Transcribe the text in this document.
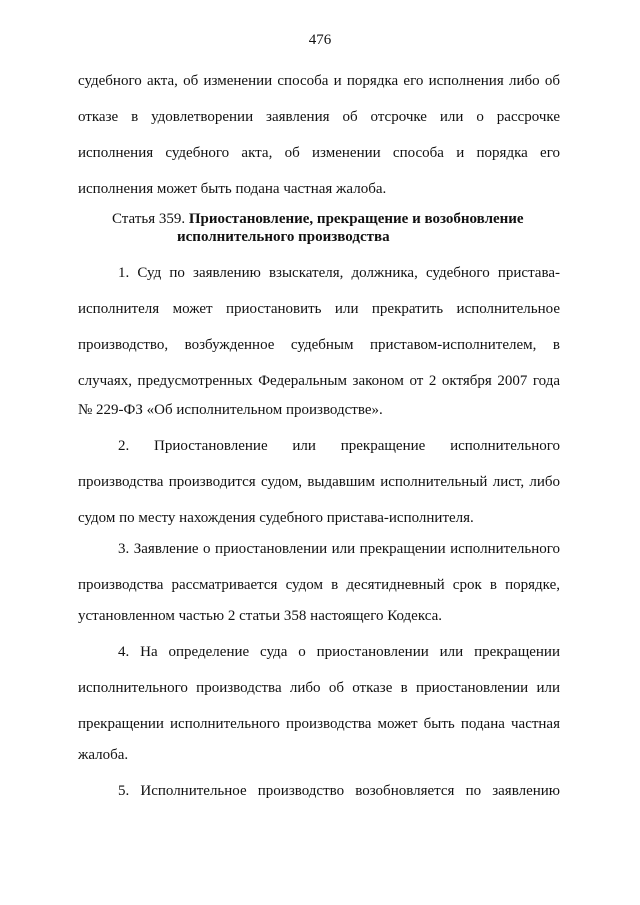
476
судебного акта, об изменении способа и порядка его исполнения либо об
отказе в удовлетворении заявления об отсрочке или о рассрочке
исполнения судебного акта, об изменении способа и порядка его
исполнения может быть подана частная жалоба.
Статья 359. Приостановление, прекращение и возобновление
исполнительного производства
1. Суд по заявлению взыскателя, должника, судебного пристава-
исполнителя может приостановить или прекратить исполнительное
производство, возбужденное судебным приставом-исполнителем, в
случаях, предусмотренных Федеральным законом от 2 октября 2007 года
№ 229-ФЗ «Об исполнительном производстве».
2. Приостановление или прекращение исполнительного
производства производится судом, выдавшим исполнительный лист, либо
судом по месту нахождения судебного пристава-исполнителя.
3. Заявление о приостановлении или прекращении исполнительного
производства рассматривается судом в десятидневный срок в порядке,
установленном частью 2 статьи 358 настоящего Кодекса.
4. На определение суда о приостановлении или прекращении
исполнительного производства либо об отказе в приостановлении или
прекращении исполнительного производства может быть подана частная
жалоба.
5. Исполнительное производство возобновляется по заявлению
